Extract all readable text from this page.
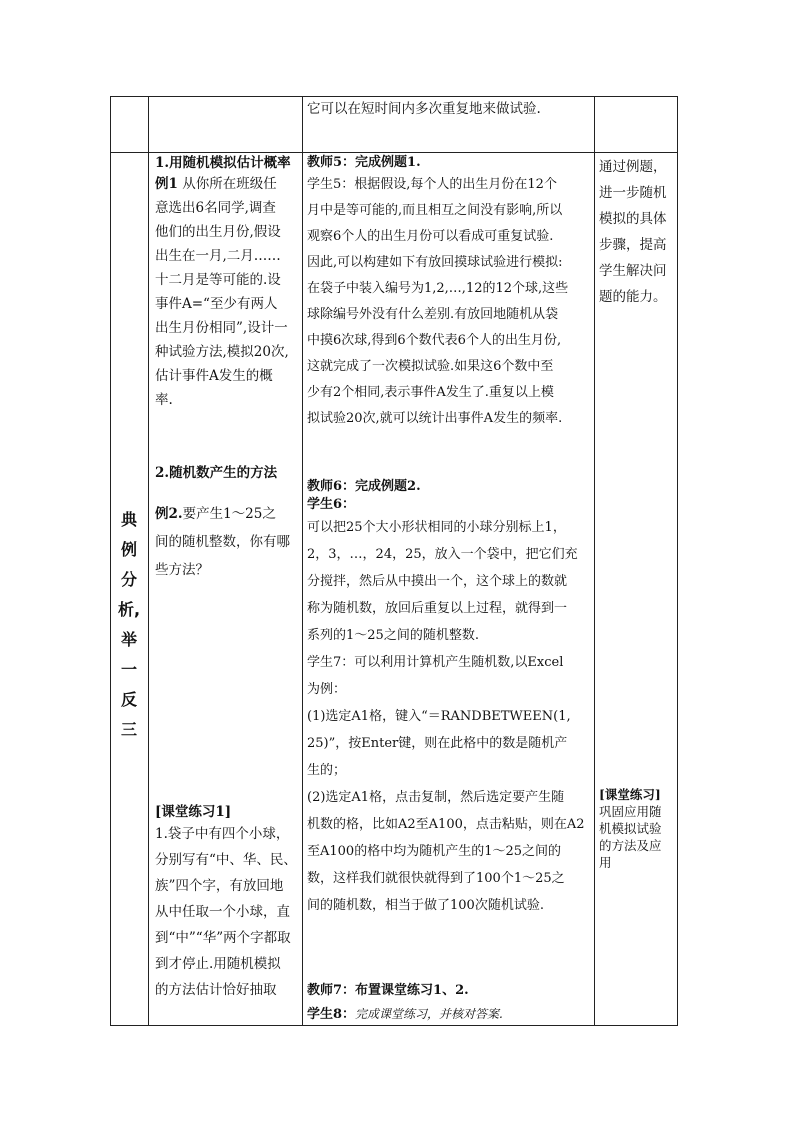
它可以在短时间内多次重复地来做试验.
典
例
分
析,
举
一
反
三
1.用随机模拟估计概率
例1 从你所在班级任
意选出6名同学,调查
他们的出生月份,假设
出生在一月,二月……
十二月是等可能的.设
事件A=“至少有两人
出生月份相同”,设计一
种试验方法,模拟20次,
估计事件A发生的概
率.
2.随机数产生的方法
例2.要产生1～25之
间的随机整数，你有哪
些方法？
[课堂练习1]
1.袋子中有四个小球，
分别写有“中、华、民、
族”四个字，有放回地
从中任取一个小球，直
到“中”“华”两个字都取
到才停止.用随机模拟
的方法估计恰好抽取
教师5：完成例题1.
学生5：根据假设,每个人的出生月份在12个
月中是等可能的,而且相互之间没有影响,所以
观察6个人的出生月份可以看成可重复试验.
因此,可以构建如下有放回摸球试验进行模拟:
在袋子中装入编号为1,2,…,12的12个球,这些
球除编号外没有什么差别.有放回地随机从袋
中摸6次球,得到6个数代表6个人的出生月份,
这就完成了一次模拟试验.如果这6个数中至
少有2个相同,表示事件A发生了.重复以上模
拟试验20次,就可以统计出事件A发生的频率.
教师6：完成例题2.
学生6：
可以把25个大小形状相同的小球分别标上1，
2，3，…，24，25，放入一个袋中，把它们充
分搅拌，然后从中摸出一个，这个球上的数就
称为随机数，放回后重复以上过程，就得到一
系列的1～25之间的随机整数.
学生7：可以利用计算机产生随机数,以Excel
为例：
(1)选定A1格，键入“＝RANDBETWEEN(1,
25)”，按Enter键，则在此格中的数是随机产
生的；
(2)选定A1格，点击复制，然后选定要产生随
机数的格，比如A2至A100，点击粘贴，则在A2
至A100的格中均为随机产生的1～25之间的
数，这样我们就很快就得到了100个1～25之
间的随机数，相当于做了100次随机试验.
教师7：布置课堂练习1、2.
学生8：完成课堂练习，并核对答案.
通过例题，
进一步随机
模拟的具体
步骤，提高
学生解决问
题的能力。
[课堂练习]
巩固应用随
机模拟试验
的方法及应
用
